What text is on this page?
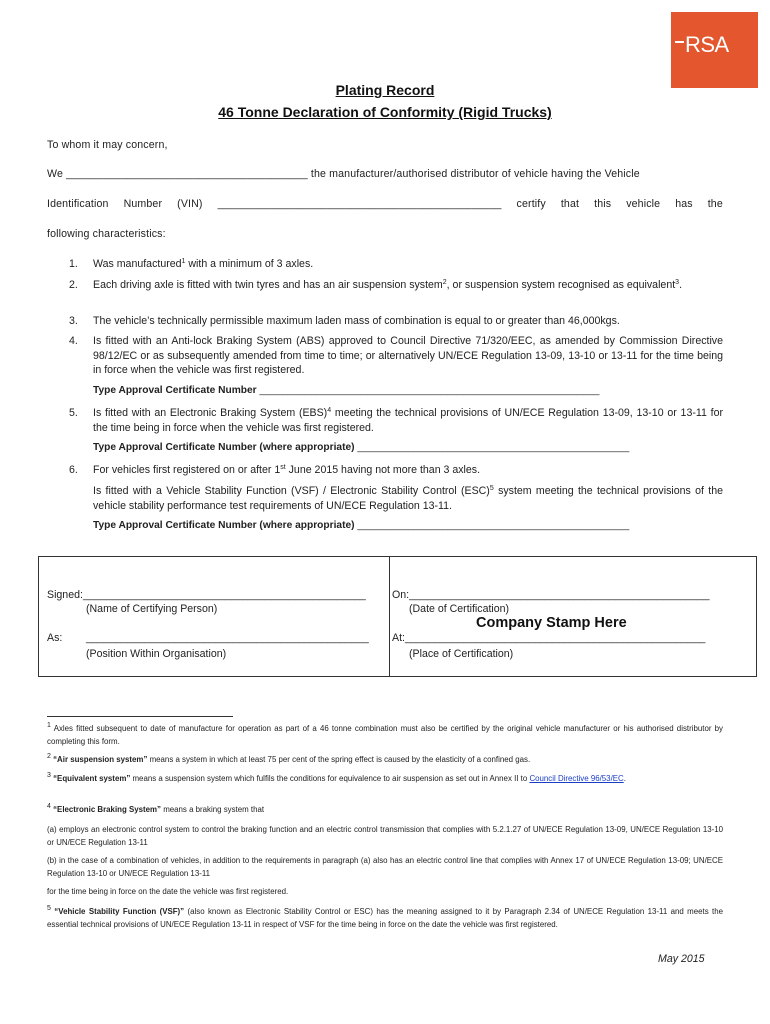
RSA
Plating Record
46 Tonne Declaration of Conformity (Rigid Trucks)
To whom it may concern,
We ________________________________________ the manufacturer/authorised distributor of vehicle having the Vehicle
Identification Number (VIN) _______________________________________________ certify that this vehicle has the
following characteristics:
1. Was manufactured$^1$ with a minimum of 3 axles.
2. Each driving axle is fitted with twin tyres and has an air suspension system$^2$, or suspension system recognised as equivalent$^3$.
3. The vehicle’s technically permissible maximum laden mass of combination is equal to or greater than 46,000kgs.
4. Is fitted with an Anti-lock Braking System (ABS) approved to Council Directive 71/320/EEC, as amended by Commission Directive 98/12/EC or as subsequently amended from time to time; or alternatively UN/ECE Regulation 13-09, 13-10 or 13-11 for the time being in force when the vehicle was first registered.
Type Approval Certificate Number ____________________________________________________________
5. Is fitted with an Electronic Braking System (EBS)$^4$ meeting the technical provisions of UN/ECE Regulation 13-09, 13-10 or 13-11 for the time being in force when the vehicle was first registered.
Type Approval Certificate Number (where appropriate) ________________________________________________
6. For vehicles first registered on or after 1st June 2015 having not more than 3 axles.
Is fitted with a Vehicle Stability Function (VSF) / Electronic Stability Control (ESC)$^5$ system meeting the technical provisions of the vehicle stability performance test requirements of UN/ECE Regulation 13-11.
Type Approval Certificate Number (where appropriate) ________________________________________________
Signed:________________________________________________
(Name of Certifying Person)
As: ________________________________________________
(Position Within Organisation)
On:___________________________________________________
(Date of Certification)
Company Stamp Here
At:___________________________________________________
(Place of Certification)
$^1$ Axles fitted subsequent to date of manufacture for operation as part of a 46 tonne combination must also be certified by the original vehicle manufacturer or his authorised distributor by completing this form.
$^2$ “Air suspension system” means a system in which at least 75 per cent of the spring effect is caused by the elasticity of a confined gas.
$^3$ “Equivalent system” means a suspension system which fulfils the conditions for equivalence to air suspension as set out in Annex II to Council Directive 96/53/EC.
$^4$ “Electronic Braking System” means a braking system that
(a) employs an electronic control system to control the braking function and an electric control transmission that complies with 5.2.1.27 of UN/ECE Regulation 13-09, UN/ECE Regulation 13-10 or UN/ECE Regulation 13-11
(b) in the case of a combination of vehicles, in addition to the requirements in paragraph (a) also has an electric control line that complies with Annex 17 of UN/ECE Regulation 13-09; UN/ECE Regulation 13-10 or UN/ECE Regulation 13-11
for the time being in force on the date the vehicle was first registered.
$^5$ “Vehicle Stability Function (VSF)” (also known as Electronic Stability Control or ESC) has the meaning assigned to it by Paragraph 2.34 of UN/ECE Regulation 13-11 and meets the essential technical provisions of UN/ECE Regulation 13-11 in respect of VSF for the time being in force on the date the vehicle was first registered.
May 2015
